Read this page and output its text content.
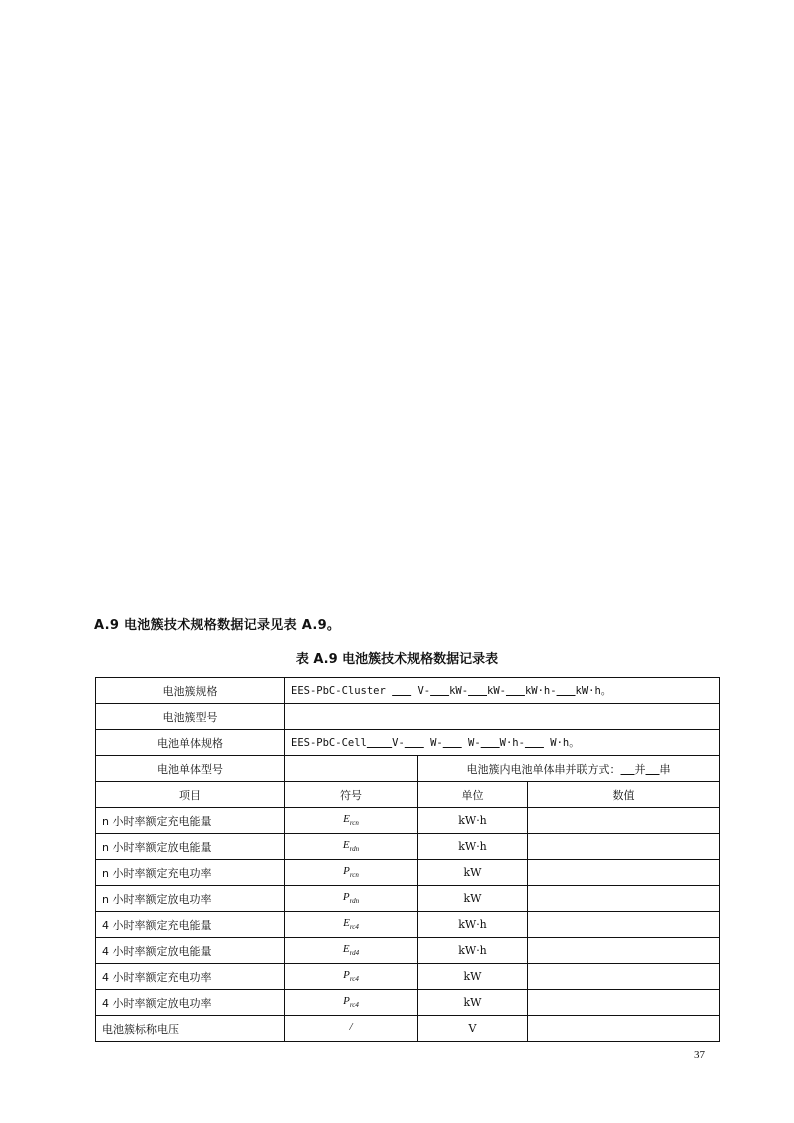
A.9 电池簇技术规格数据记录见表 A.9。
表 A.9 电池簇技术规格数据记录表
电池簇规格	EES-PbC-Cluster     V- kW- kW- kW·h- kW·h。		
电池簇型号			
电池单体规格	EES-PbC-Cell V-    W-    W- W·h-    W·h。		
电池单体型号		电池簇内电池单体串并联方式： 并 串	
项目	符号	单位	数值
n 小时率额定充电能量	$E_{rcn}$	kW·h	
n 小时率额定放电能量	$E_{rdn}$	kW·h	
n 小时率额定充电功率	$P_{rcn}$	kW	
n 小时率额定放电功率	$P_{rdn}$	kW	
4 小时率额定充电能量	$E_{rc4}$	kW·h	
4 小时率额定放电能量	$E_{rd4}$	kW·h	
4 小时率额定充电功率	$P_{rc4}$	kW	
4 小时率额定放电功率	$P_{rc4}$	kW	
电池簇标称电压	/	V	
37
